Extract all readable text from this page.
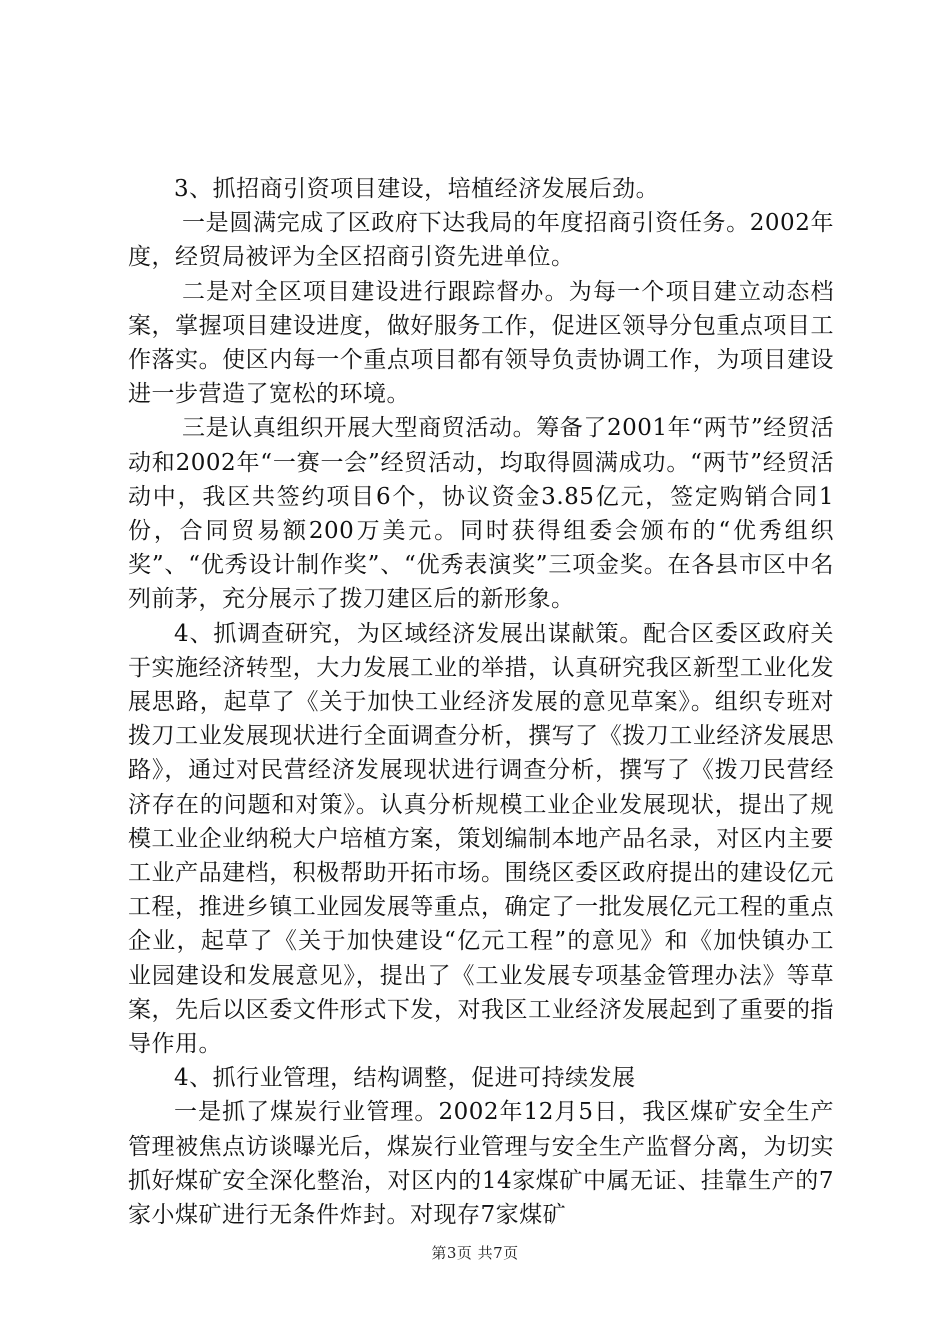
3、抓招商引资项目建设，培植经济发展后劲。

一是圆满完成了区政府下达我局的年度招商引资任务。2002年度，经贸局被评为全区招商引资先进单位。

二是对全区项目建设进行跟踪督办。为每一个项目建立动态档案，掌握项目建设进度，做好服务工作，促进区领导分包重点项目工作落实。使区内每一个重点项目都有领导负责协调工作，为项目建设进一步营造了宽松的环境。

三是认真组织开展大型商贸活动。筹备了2001年“两节”经贸活动和2002年“一赛一会”经贸活动，均取得圆满成功。“两节”经贸活动中，我区共签约项目6个，协议资金3.85亿元，签定购销合同1份，合同贸易额200万美元。同时获得组委会颁布的“优秀组织奖”、“优秀设计制作奖”、“优秀表演奖”三项金奖。在各县市区中名列前茅，充分展示了拨刀建区后的新形象。

4、抓调查研究，为区域经济发展出谋献策。配合区委区政府关于实施经济转型，大力发展工业的举措，认真研究我区新型工业化发展思路，起草了《关于加快工业经济发展的意见草案》。组织专班对拨刀工业发展现状进行全面调查分析，撰写了《拨刀工业经济发展思路》，通过对民营经济发展现状进行调查分析，撰写了《拨刀民营经济存在的问题和对策》。认真分析规模工业企业发展现状，提出了规模工业企业纳税大户培植方案，策划编制本地产品名录，对区内主要工业产品建档，积极帮助开拓市场。围绕区委区政府提出的建设亿元工程，推进乡镇工业园发展等重点，确定了一批发展亿元工程的重点企业，起草了《关于加快建设“亿元工程”的意见》和《加快镇办工业园建设和发展意见》，提出了《工业发展专项基金管理办法》等草案，先后以区委文件形式下发，对我区工业经济发展起到了重要的指导作用。

4、抓行业管理，结构调整，促进可持续发展

一是抓了煤炭行业管理。2002年12月5日，我区煤矿安全生产管理被焦点访谈曝光后，煤炭行业管理与安全生产监督分离，为切实抓好煤矿安全深化整治，对区内的14家煤矿中属无证、挂靠生产的7家小煤矿进行无条件炸封。对现存7家煤矿

第3页 共7页
